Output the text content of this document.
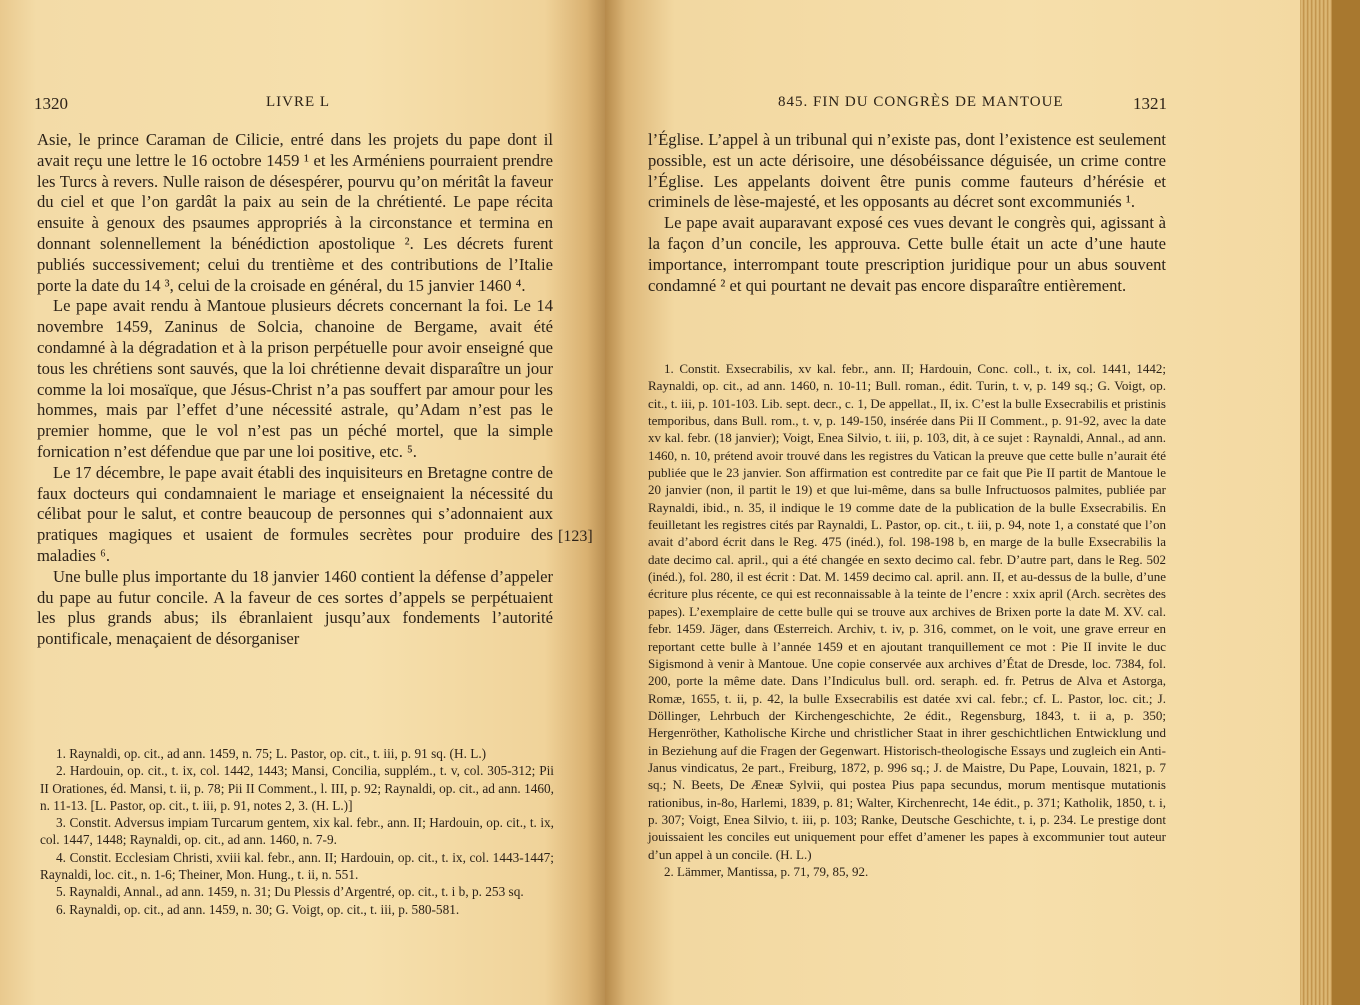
1320	LIVRE L

Asie, le prince Caraman de Cilicie, entré dans les projets du pape dont il avait reçu une lettre le 16 octobre 1459 ¹ et les Arméniens pourraient prendre les Turcs à revers. Nulle raison de désespérer, pourvu qu’on méritât la faveur du ciel et que l’on gardât la paix au sein de la chrétienté. Le pape récita ensuite à genoux des psaumes appropriés à la circonstance et termina en donnant solennellement la bénédiction apostolique ². Les décrets furent publiés successivement; celui du trentième et des contributions de l’Italie porte la date du 14 ³, celui de la croisade en général, du 15 janvier 1460 ⁴.

Le pape avait rendu à Mantoue plusieurs décrets concernant la foi. Le 14 novembre 1459, Zaninus de Solcia, chanoine de Bergame, avait été condamné à la dégradation et à la prison perpétuelle pour avoir enseigné que tous les chrétiens sont sauvés, que la loi chrétienne devait disparaître un jour comme la loi mosaïque, que Jésus-Christ n’a pas souffert par amour pour les hommes, mais par l’effet d’une nécessité astrale, qu’Adam n’est pas le premier homme, que le vol n’est pas un péché mortel, que la simple fornication n’est défendue que par une loi positive, etc. ⁵.

Le 17 décembre, le pape avait établi des inquisiteurs en Bretagne contre de faux docteurs qui condamnaient le mariage et enseignaient la nécessité du célibat pour le salut, et contre beaucoup de personnes qui s’adonnaient aux pratiques magiques et usaient de formules secrètes pour produire des maladies ⁶.

Une bulle plus importante du 18 janvier 1460 contient la défense d’appeler du pape au futur concile. A la faveur de ces sortes d’appels se perpétuaient les plus grands abus; ils ébranlaient jusqu’aux fondements l’autorité pontificale, menaçaient de désorganiser

[123]

1. Raynaldi, op. cit., ad ann. 1459, n. 75; L. Pastor, op. cit., t. iii, p. 91 sq. (H. L.)

2. Hardouin, op. cit., t. ix, col. 1442, 1443; Mansi, Concilia, supplém., t. v, col. 305-312; Pii II Orationes, éd. Mansi, t. ii, p. 78; Pii II Comment., l. III, p. 92; Raynaldi, op. cit., ad ann. 1460, n. 11-13. [L. Pastor, op. cit., t. iii, p. 91, notes 2, 3. (H. L.)]

3. Constit. Adversus impiam Turcarum gentem, xix kal. febr., ann. II; Hardouin, op. cit., t. ix, col. 1447, 1448; Raynaldi, op. cit., ad ann. 1460, n. 7-9.

4. Constit. Ecclesiam Christi, xviii kal. febr., ann. II; Hardouin, op. cit., t. ix, col. 1443-1447; Raynaldi, loc. cit., n. 1-6; Theiner, Mon. Hung., t. ii, n. 551.

5. Raynaldi, Annal., ad ann. 1459, n. 31; Du Plessis d’Argentré, op. cit., t. i b, p. 253 sq.

6. Raynaldi, op. cit., ad ann. 1459, n. 30; G. Voigt, op. cit., t. iii, p. 580-581.

845. FIN DU CONGRÈS DE MANTOUE	1321

l’Église. L’appel à un tribunal qui n’existe pas, dont l’existence est seulement possible, est un acte dérisoire, une désobéissance déguisée, un crime contre l’Église. Les appelants doivent être punis comme fauteurs d’hérésie et criminels de lèse-majesté, et les opposants au décret sont excommuniés ¹.

Le pape avait auparavant exposé ces vues devant le congrès qui, agissant à la façon d’un concile, les approuva. Cette bulle était un acte d’une haute importance, interrompant toute prescription juridique pour un abus souvent condamné ² et qui pourtant ne devait pas encore disparaître entièrement.

1. Constit. Exsecrabilis, xv kal. febr., ann. II; Hardouin, Conc. coll., t. ix, col. 1441, 1442; Raynaldi, op. cit., ad ann. 1460, n. 10-11; Bull. roman., édit. Turin, t. v, p. 149 sq.; G. Voigt, op. cit., t. iii, p. 101-103. Lib. sept. decr., c. 1, De appellat., II, ix. C’est la bulle Exsecrabilis et pristinis temporibus, dans Bull. rom., t. v, p. 149-150, insérée dans Pii II Comment., p. 91-92, avec la date xv kal. febr. (18 janvier); Voigt, Enea Silvio, t. iii, p. 103, dit, à ce sujet : Raynaldi, Annal., ad ann. 1460, n. 10, prétend avoir trouvé dans les registres du Vatican la preuve que cette bulle n’aurait été publiée que le 23 janvier. Son affirmation est contredite par ce fait que Pie II partit de Mantoue le 20 janvier (non, il partit le 19) et que lui-même, dans sa bulle Infructuosos palmites, publiée par Raynaldi, ibid., n. 35, il indique le 19 comme date de la publication de la bulle Exsecrabilis. En feuilletant les registres cités par Raynaldi, L. Pastor, op. cit., t. iii, p. 94, note 1, a constaté que l’on avait d’abord écrit dans le Reg. 475 (inéd.), fol. 198-198 b, en marge de la bulle Exsecrabilis la date decimo cal. april., qui a été changée en sexto decimo cal. febr. D’autre part, dans le Reg. 502 (inéd.), fol. 280, il est écrit : Dat. M. 1459 decimo cal. april. ann. II, et au-dessus de la bulle, d’une écriture plus récente, ce qui est reconnaissable à la teinte de l’encre : xxix april (Arch. secrètes des papes). L’exemplaire de cette bulle qui se trouve aux archives de Brixen porte la date M. XV. cal. febr. 1459. Jäger, dans Œsterreich. Archiv, t. iv, p. 316, commet, on le voit, une grave erreur en reportant cette bulle à l’année 1459 et en ajoutant tranquillement ce mot : Pie II invite le duc Sigismond à venir à Mantoue. Une copie conservée aux archives d’État de Dresde, loc. 7384, fol. 200, porte la même date. Dans l’Indiculus bull. ord. seraph. ed. fr. Petrus de Alva et Astorga, Romæ, 1655, t. ii, p. 42, la bulle Exsecrabilis est datée xvi cal. febr.; cf. L. Pastor, loc. cit.; J. Döllinger, Lehrbuch der Kirchengeschichte, 2e édit., Regensburg, 1843, t. ii a, p. 350; Hergenröther, Katholische Kirche und christlicher Staat in ihrer geschichtlichen Entwicklung und in Beziehung auf die Fragen der Gegenwart. Historisch-theologische Essays und zugleich ein Anti-Janus vindicatus, 2e part., Freiburg, 1872, p. 996 sq.; J. de Maistre, Du Pape, Louvain, 1821, p. 7 sq.; N. Beets, De Æneæ Sylvii, qui postea Pius papa secundus, morum mentisque mutationis rationibus, in-8o, Harlemi, 1839, p. 81; Walter, Kirchenrecht, 14e édit., p. 371; Katholik, 1850, t. i, p. 307; Voigt, Enea Silvio, t. iii, p. 103; Ranke, Deutsche Geschichte, t. i, p. 234. Le prestige dont jouissaient les conciles eut uniquement pour effet d’amener les papes à excommunier tout auteur d’un appel à un concile. (H. L.)

2. Lämmer, Mantissa, p. 71, 79, 85, 92.
